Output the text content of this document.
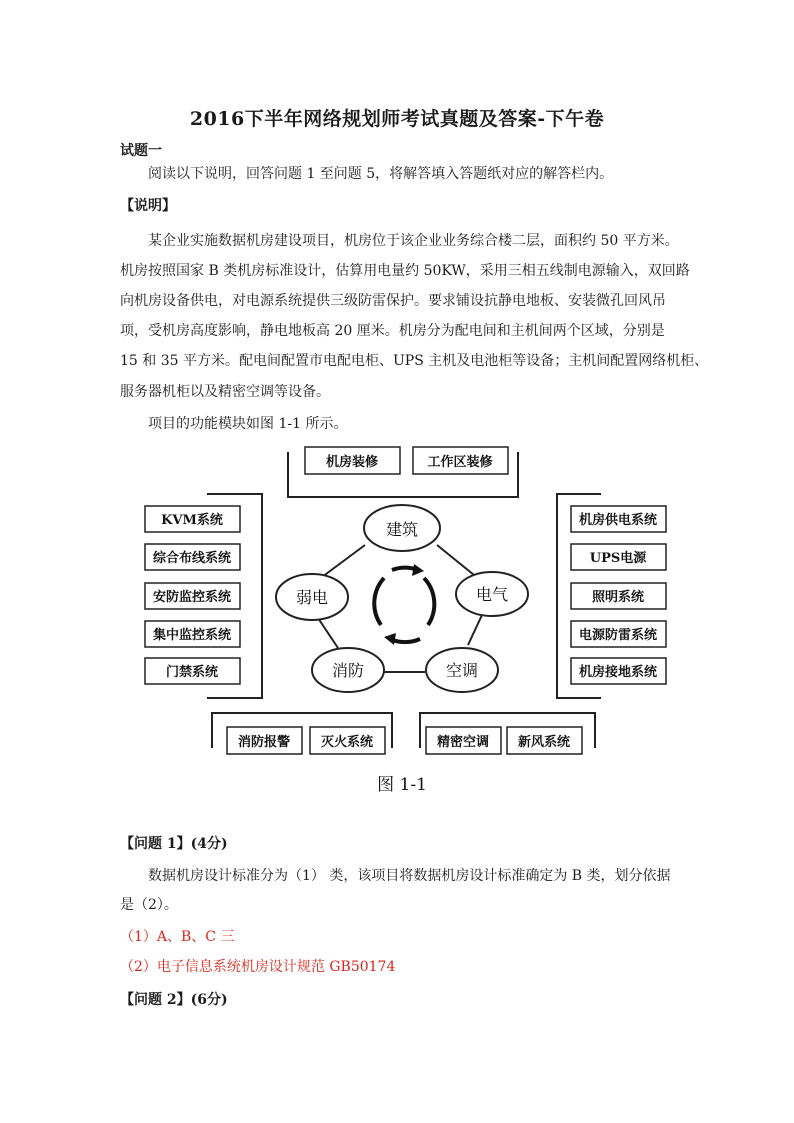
2016下半年网络规划师考试真题及答案-下午卷
试题一
阅读以下说明，回答问题 1 至问题 5，将解答填入答题纸对应的解答栏内。
【说明】
某企业实施数据机房建设项目，机房位于该企业业务综合楼二层，面积约 50 平方米。
机房按照国家 B 类机房标准设计，估算用电量约 50KW，采用三相五线制电源输入，双回路
向机房设备供电，对电源系统提供三级防雷保护。要求铺设抗静电地板、安装微孔回风吊
项，受机房高度影响，静电地板高 20 厘米。机房分为配电间和主机间两个区域，分别是
15 和 35 平方米。配电间配置市电配电柜、UPS 主机及电池柜等设备；主机间配置网络机柜、
服务器机柜以及精密空调等设备。
项目的功能模块如图 1-1 所示。
机房装修	工作区装修
KVM系统
综合布线系统
安防监控系统
集中监控系统
门禁系统
机房供电系统
UPS电源
照明系统
电源防雷系统
机房接地系统
消防报警 灭火系统	精密空调 新风系统
建筑
电气
空调
消防
弱电
图 1-1
【问题 1】(4分)
数据机房设计标准分为（1） 类，该项目将数据机房设计标准确定为 B 类，划分依据
是（2）。
（1）A、B、C 三
（2）电子信息系统机房设计规范 GB50174
【问题 2】(6分)
